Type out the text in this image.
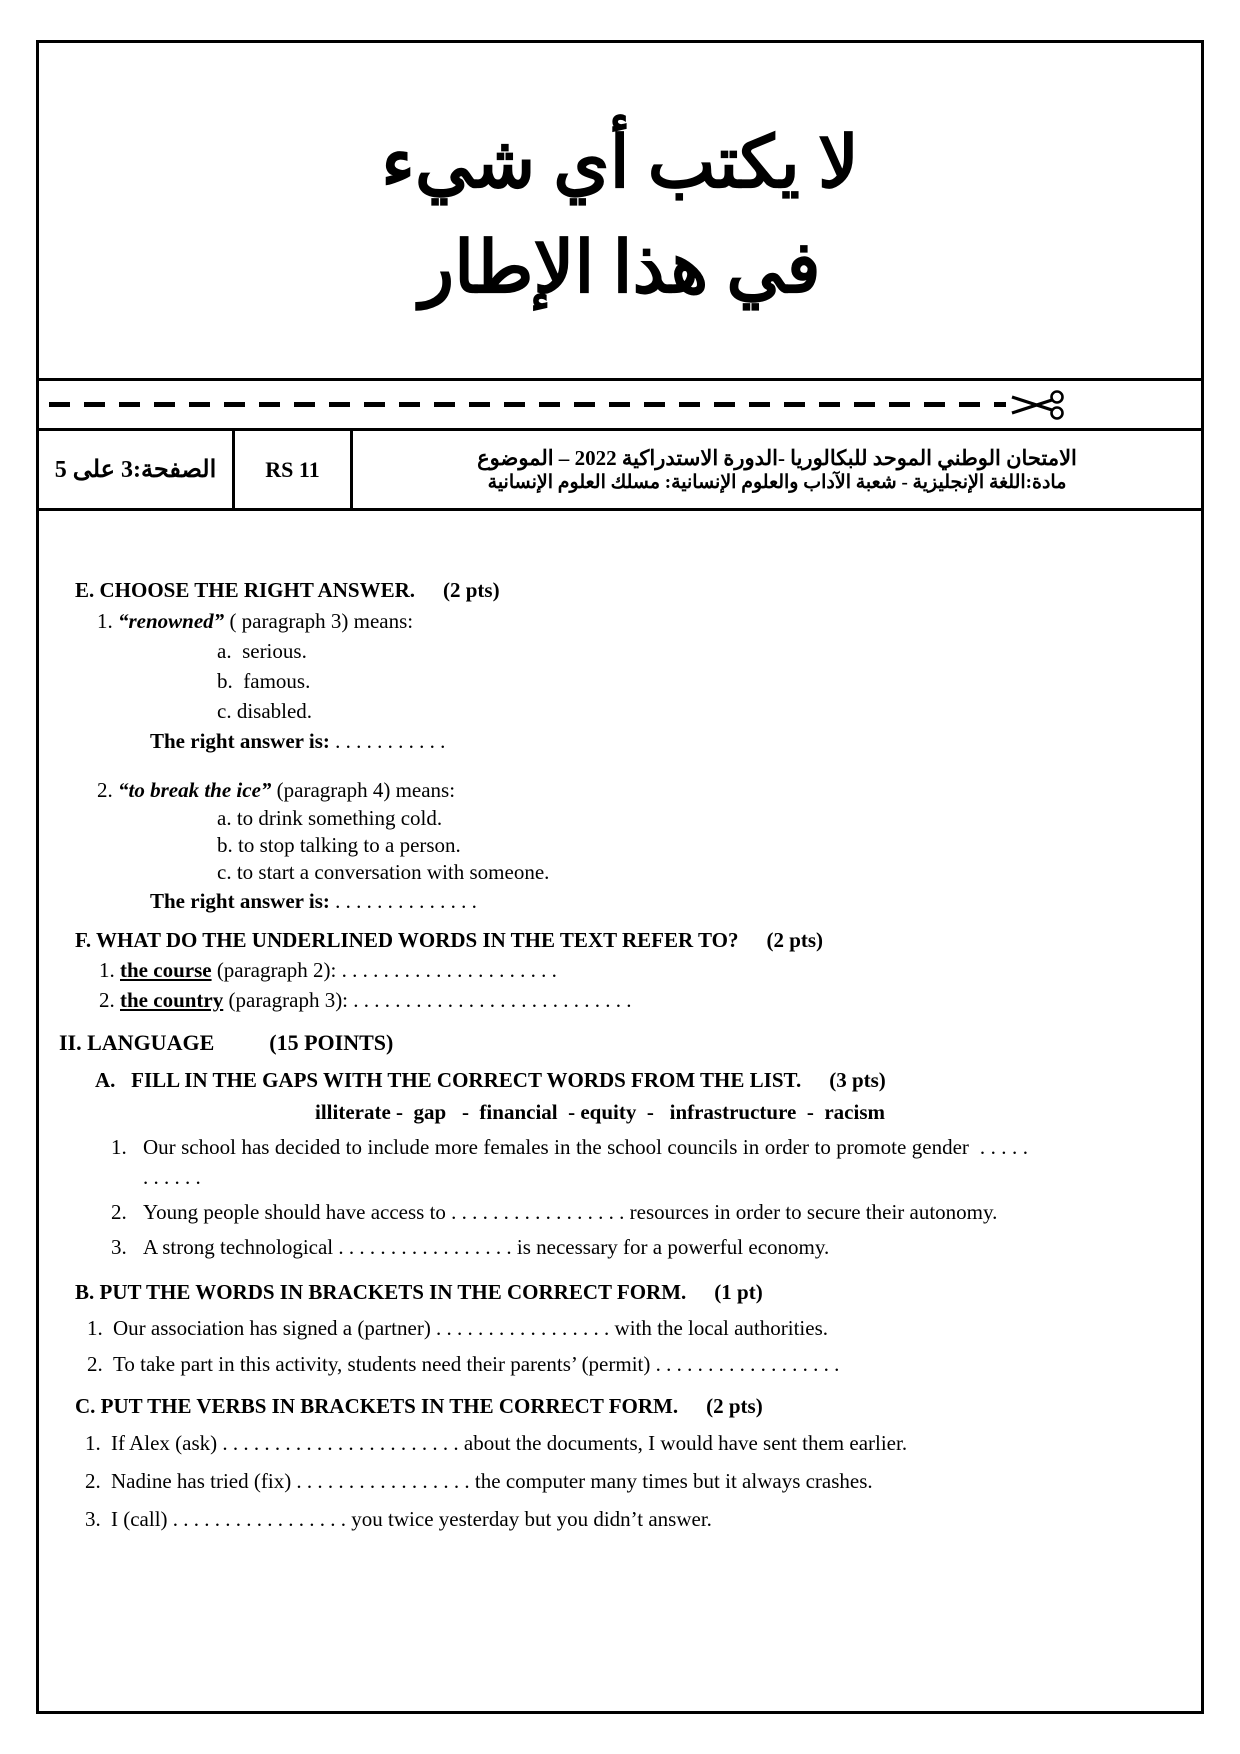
لا يكتب أي شيء
في هذا الإطار
الصفحة:3 على 5	RS 11	الامتحان الوطني الموحد للبكالوريا -الدورة الاستدراكية 2022 – الموضوع
مادة:اللغة الإنجليزية - شعبة الآداب والعلوم الإنسانية: مسلك العلوم الإنسانية
E. CHOOSE THE RIGHT ANSWER. (2 pts)
1. “renowned” ( paragraph 3) means:
a.  serious.
b.  famous.
c. disabled.
The right answer is: . . . . . . . . . . .
2. “to break the ice” (paragraph 4) means:
a. to drink something cold.
b. to stop talking to a person.
c. to start a conversation with someone.
The right answer is: . . . . . . . . . . . . . .
F. WHAT DO THE UNDERLINED WORDS IN THE TEXT REFER TO? (2 pts)
1. the course (paragraph 2): . . . . . . . . . . . . . . . . . . . . .
2. the country (paragraph 3): . . . . . . . . . . . . . . . . . . . . . . . . . . .
II. LANGUAGE	(15 POINTS)
A.   FILL IN THE GAPS WITH THE CORRECT WORDS FROM THE LIST. (3 pts)
illiterate -  gap   -  financial  - equity  -   infrastructure  -  racism
1. Our school has decided to include more females in the school councils in order to promote gender  . . . . . . . . . . .
2. Young people should have access to . . . . . . . . . . . . . . . . . resources in order to secure their autonomy.
3. A strong technological . . . . . . . . . . . . . . . . . is necessary for a powerful economy.
B. PUT THE WORDS IN BRACKETS IN THE CORRECT FORM. (1 pt)
1. Our association has signed a (partner) . . . . . . . . . . . . . . . . . with the local authorities.
2. To take part in this activity, students need their parents’ (permit) . . . . . . . . . . . . . . . . . .
C. PUT THE VERBS IN BRACKETS IN THE CORRECT FORM. (2 pts)
1. If Alex (ask) . . . . . . . . . . . . . . . . . . . . . . . about the documents, I would have sent them earlier.
2. Nadine has tried (fix) . . . . . . . . . . . . . . . . . the computer many times but it always crashes.
3. I (call) . . . . . . . . . . . . . . . . . you twice yesterday but you didn’t answer.
